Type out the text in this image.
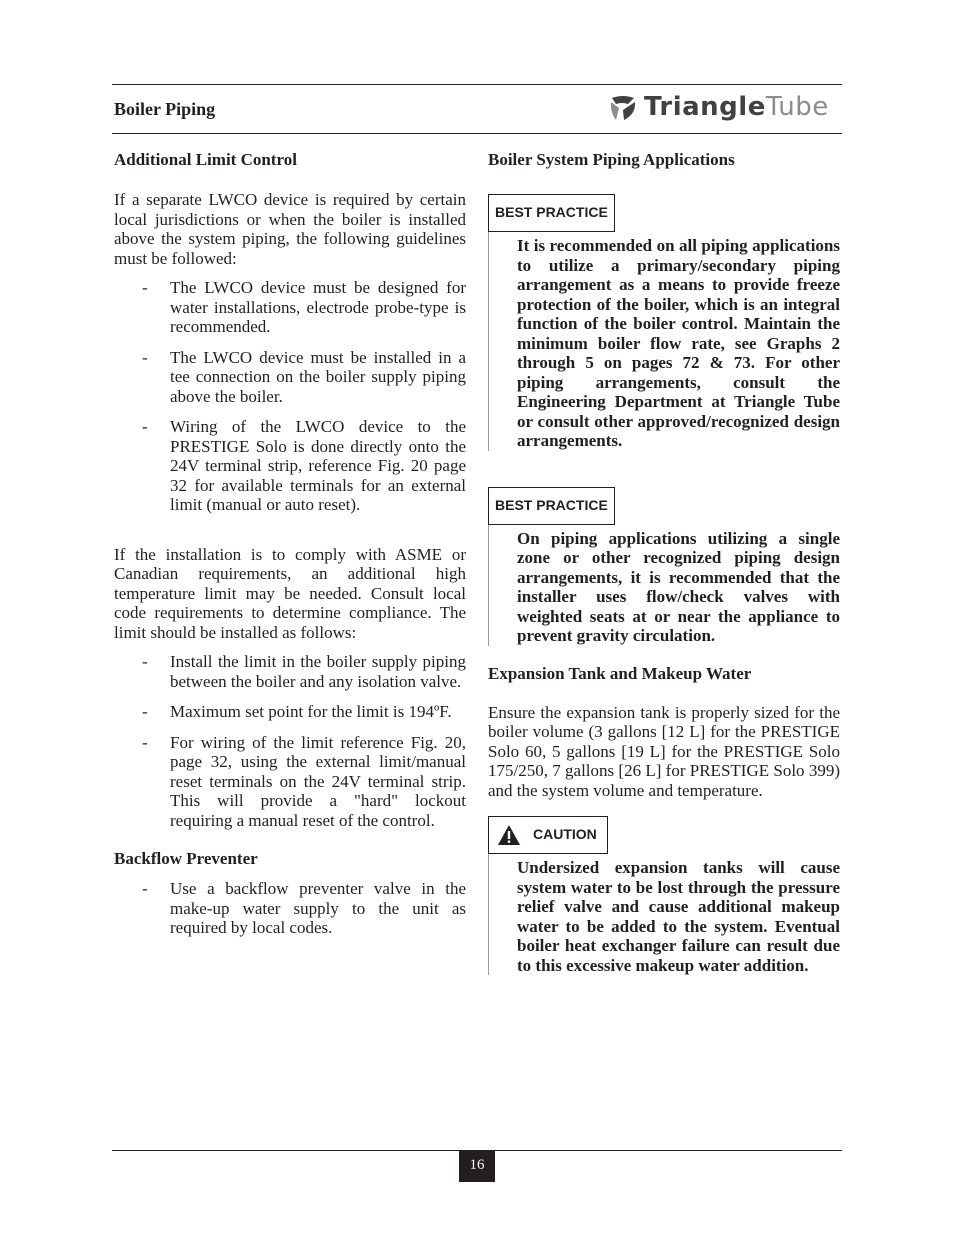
Boiler Piping	TriangleTube
Additional Limit Control

If a separate LWCO device is required by certain local jurisdictions or when the boiler is installed above the system piping, the following guidelines must be followed:

- The LWCO device must be designed for water installations, electrode probe-type is recommended.
- The LWCO device must be installed in a tee connection on the boiler supply piping above the boiler.
- Wiring of the LWCO device to the PRESTIGE Solo is done directly onto the 24V terminal strip, reference Fig. 20 page 32 for available terminals for an external limit (manual or auto reset).

If the installation is to comply with ASME or Canadian requirements, an additional high temperature limit may be needed. Consult local code requirements to determine compliance. The limit should be installed as follows:

- Install the limit in the boiler supply piping between the boiler and any isolation valve.
- Maximum set point for the limit is 194ºF.
- For wiring of the limit reference Fig. 20, page 32, using the external limit/manual reset terminals on the 24V terminal strip. This will provide a "hard" lockout requiring a manual reset of the control.
Backflow Preventer
- Use a backflow preventer valve in the make-up water supply to the unit as required by local codes.
Boiler System Piping Applications
BEST PRACTICE

It is recommended on all piping applications to utilize a primary/secondary piping arrangement as a means to provide freeze protection of the boiler, which is an integral function of the boiler control. Maintain the minimum boiler flow rate, see Graphs 2 through 5 on pages 72 & 73. For other piping arrangements, consult the Engineering Department at Triangle Tube or consult other approved/recognized design arrangements.

BEST PRACTICE

On piping applications utilizing a single zone or other recognized piping design arrangements, it is recommended that the installer uses flow/check valves with weighted seats at or near the appliance to prevent gravity circulation.

Expansion Tank and Makeup Water

Ensure the expansion tank is properly sized for the boiler volume (3 gallons [12 L] for the PRESTIGE Solo 60, 5 gallons [19 L] for the PRESTIGE Solo 175/250, 7 gallons [26 L] for PRESTIGE Solo 399) and the system volume and temperature.

CAUTION

Undersized expansion tanks will cause system water to be lost through the pressure relief valve and cause additional makeup water to be added to the system. Eventual boiler heat exchanger failure can result due to this excessive makeup water addition.

16
